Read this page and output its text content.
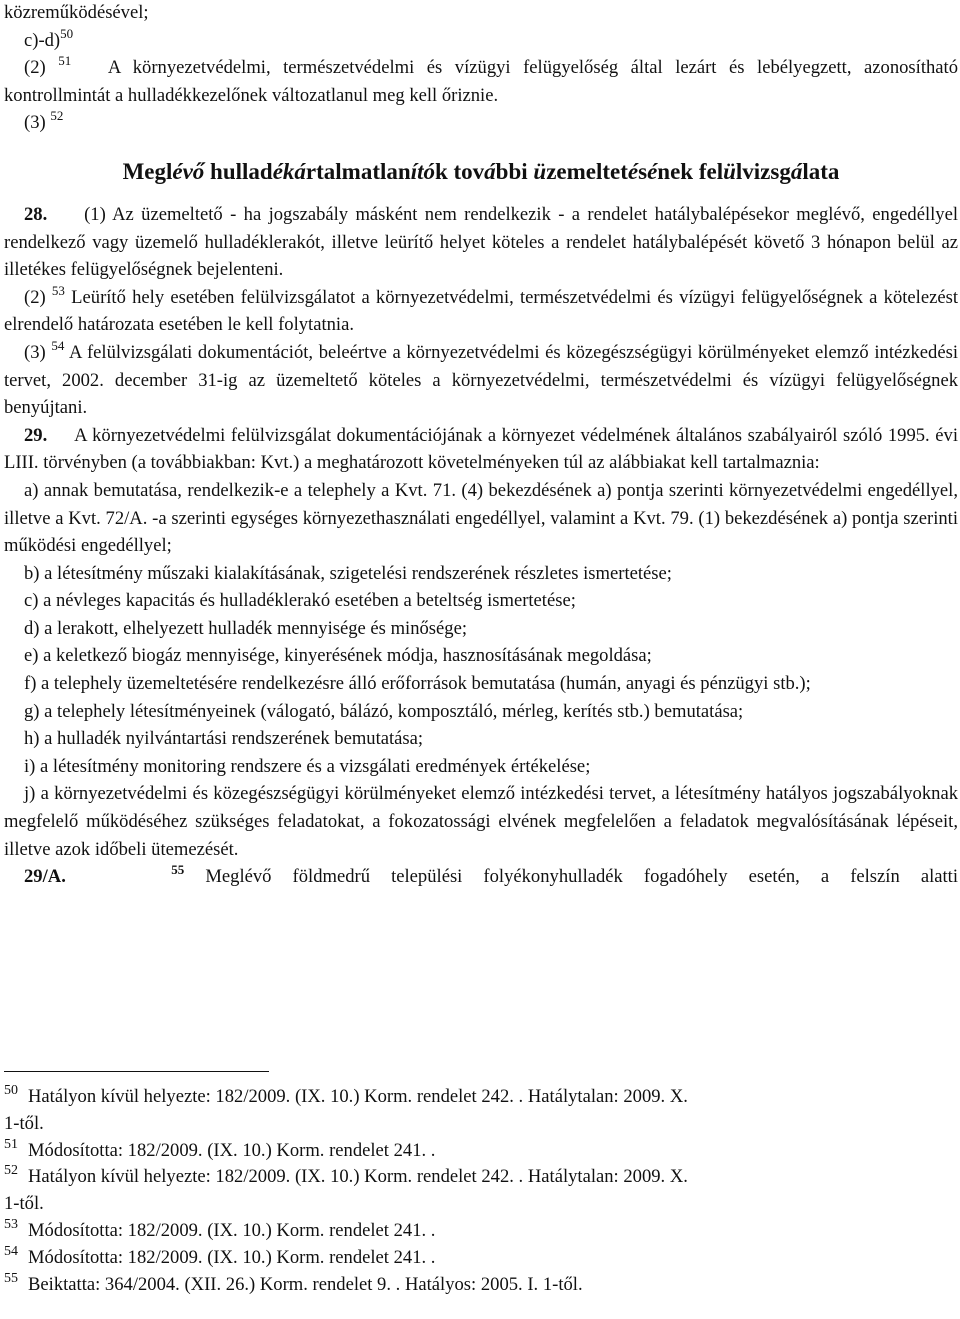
közreműködésével;

c)-d)$^{50}$

(2) $^{51}$ A környezetvédelmi, természetvédelmi és vízügyi felügyelőség által lezárt és lebélyegzett, azonosítható kontrollmintát a hulladékkezelőnek változatlanul meg kell őriznie.

(3) $^{52}$

Meglévő hulladékártalmatlanítók további üzemeltetésének felülvizsgálata

28. (1) Az üzemeltető - ha jogszabály másként nem rendelkezik - a rendelet hatálybalépésekor meglévő, engedéllyel rendelkező vagy üzemelő hulladéklerakót, illetve leürítő helyet köteles a rendelet hatálybalépését követő 3 hónapon belül az illetékes felügyelőségnek bejelenteni.

(2) $^{53}$ Leürítő hely esetében felülvizsgálatot a környezetvédelmi, természetvédelmi és vízügyi felügyelőségnek a kötelezést elrendelő határozata esetében le kell folytatnia.

(3) $^{54}$ A felülvizsgálati dokumentációt, beleértve a környezetvédelmi és közegészségügyi körülményeket elemző intézkedési tervet, 2002. december 31-ig az üzemeltető köteles a környezetvédelmi, természetvédelmi és vízügyi felügyelőségnek benyújtani.

29. A környezetvédelmi felülvizsgálat dokumentációjának a környezet védelmének általános szabályairól szóló 1995. évi LIII. törvényben (a továbbiakban: Kvt.) a meghatározott követelményeken túl az alábbiakat kell tartalmaznia:

a) annak bemutatása, rendelkezik-e a telephely a Kvt. 71. (4) bekezdésének a) pontja szerinti környezetvédelmi engedéllyel, illetve a Kvt. 72/A. -a szerinti egységes környezethasználati engedéllyel, valamint a Kvt. 79. (1) bekezdésének a) pontja szerinti működési engedéllyel;

b) a létesítmény műszaki kialakításának, szigetelési rendszerének részletes ismertetése;

c) a névleges kapacitás és hulladéklerakó esetében a beteltség ismertetése;

d) a lerakott, elhelyezett hulladék mennyisége és minősége;

e) a keletkező biogáz mennyisége, kinyerésének módja, hasznosításának megoldása;

f) a telephely üzemeltetésére rendelkezésre álló erőforrások bemutatása (humán, anyagi és pénzügyi stb.);

g) a telephely létesítményeinek (válogató, bálázó, komposztáló, mérleg, kerítés stb.) bemutatása;

h) a hulladék nyilvántartási rendszerének bemutatása;

i) a létesítmény monitoring rendszere és a vizsgálati eredmények értékelése;

j) a környezetvédelmi és közegészségügyi körülményeket elemző intézkedési tervet, a létesítmény hatályos jogszabályoknak megfelelő működéséhez szükséges feladatokat, a fokozatossági elvének megfelelően a feladatok megvalósításának lépéseit, illetve azok időbeli ütemezését.

29/A.	$^{55}$ Meglévő földmedrű települési folyékonyhulladék fogadóhely esetén, a felszín alatti

$^{50}$ Hatályon kívül helyezte: 182/2009. (IX. 10.) Korm. rendelet 242. . Hatálytalan: 2009. X.

1-től.

$^{51}$ Módosította: 182/2009. (IX. 10.) Korm. rendelet 241. .

$^{52}$ Hatályon kívül helyezte: 182/2009. (IX. 10.) Korm. rendelet 242. . Hatálytalan: 2009. X.

1-től.

$^{53}$ Módosította: 182/2009. (IX. 10.) Korm. rendelet 241. .

$^{54}$ Módosította: 182/2009. (IX. 10.) Korm. rendelet 241. .

$^{55}$ Beiktatta: 364/2004. (XII. 26.) Korm. rendelet 9. . Hatályos: 2005. I. 1-től.
